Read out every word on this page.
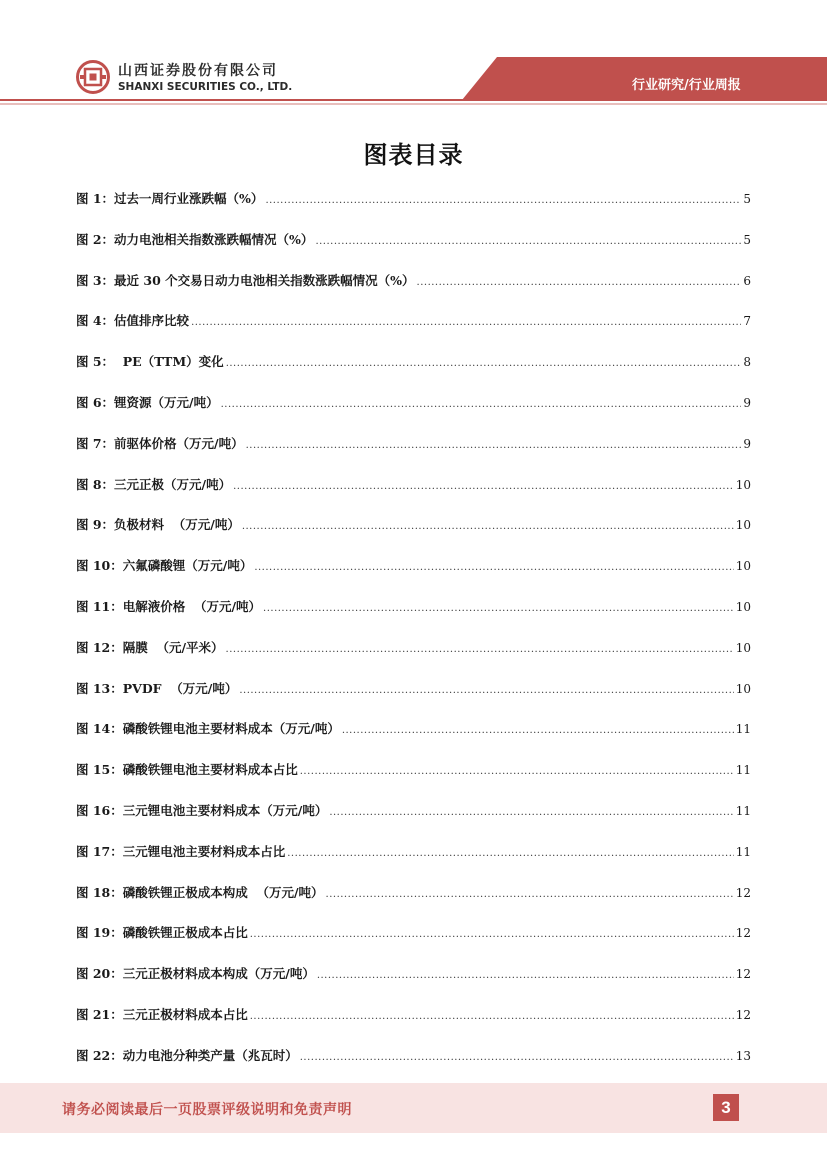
山西证券股份有限公司
SHANXI SECURITIES CO., LTD.	行业研究/行业周报
图表目录
图 1：过去一周行业涨跌幅（%） .....	5
图 2：动力电池相关指数涨跌幅情况（%） .....	5
图 3：最近 30 个交易日动力电池相关指数涨跌幅情况（%） .....	6
图 4：估值排序比较 .....	7
图 5：  PE（TTM）变化 .....	8
图 6：锂资源（万元/吨） .....	9
图 7：前驱体价格（万元/吨） .....	9
图 8：三元正极（万元/吨） .....	10
图 9：负极材料  （万元/吨） .....	10
图 10：六氟磷酸锂（万元/吨） .....	10
图 11：电解液价格  （万元/吨） .....	10
图 12：隔膜  （元/平米） .....	10
图 13：PVDF  （万元/吨） .....	10
图 14：磷酸铁锂电池主要材料成本（万元/吨） .....	11
图 15：磷酸铁锂电池主要材料成本占比 .....	11
图 16：三元锂电池主要材料成本（万元/吨） .....	11
图 17：三元锂电池主要材料成本占比 .....	11
图 18：磷酸铁锂正极成本构成  （万元/吨） .....	12
图 19：磷酸铁锂正极成本占比 .....	12
图 20：三元正极材料成本构成（万元/吨） .....	12
图 21：三元正极材料成本占比 .....	12
图 22：动力电池分种类产量（兆瓦时） .....	13
请务必阅读最后一页股票评级说明和免责声明	3
